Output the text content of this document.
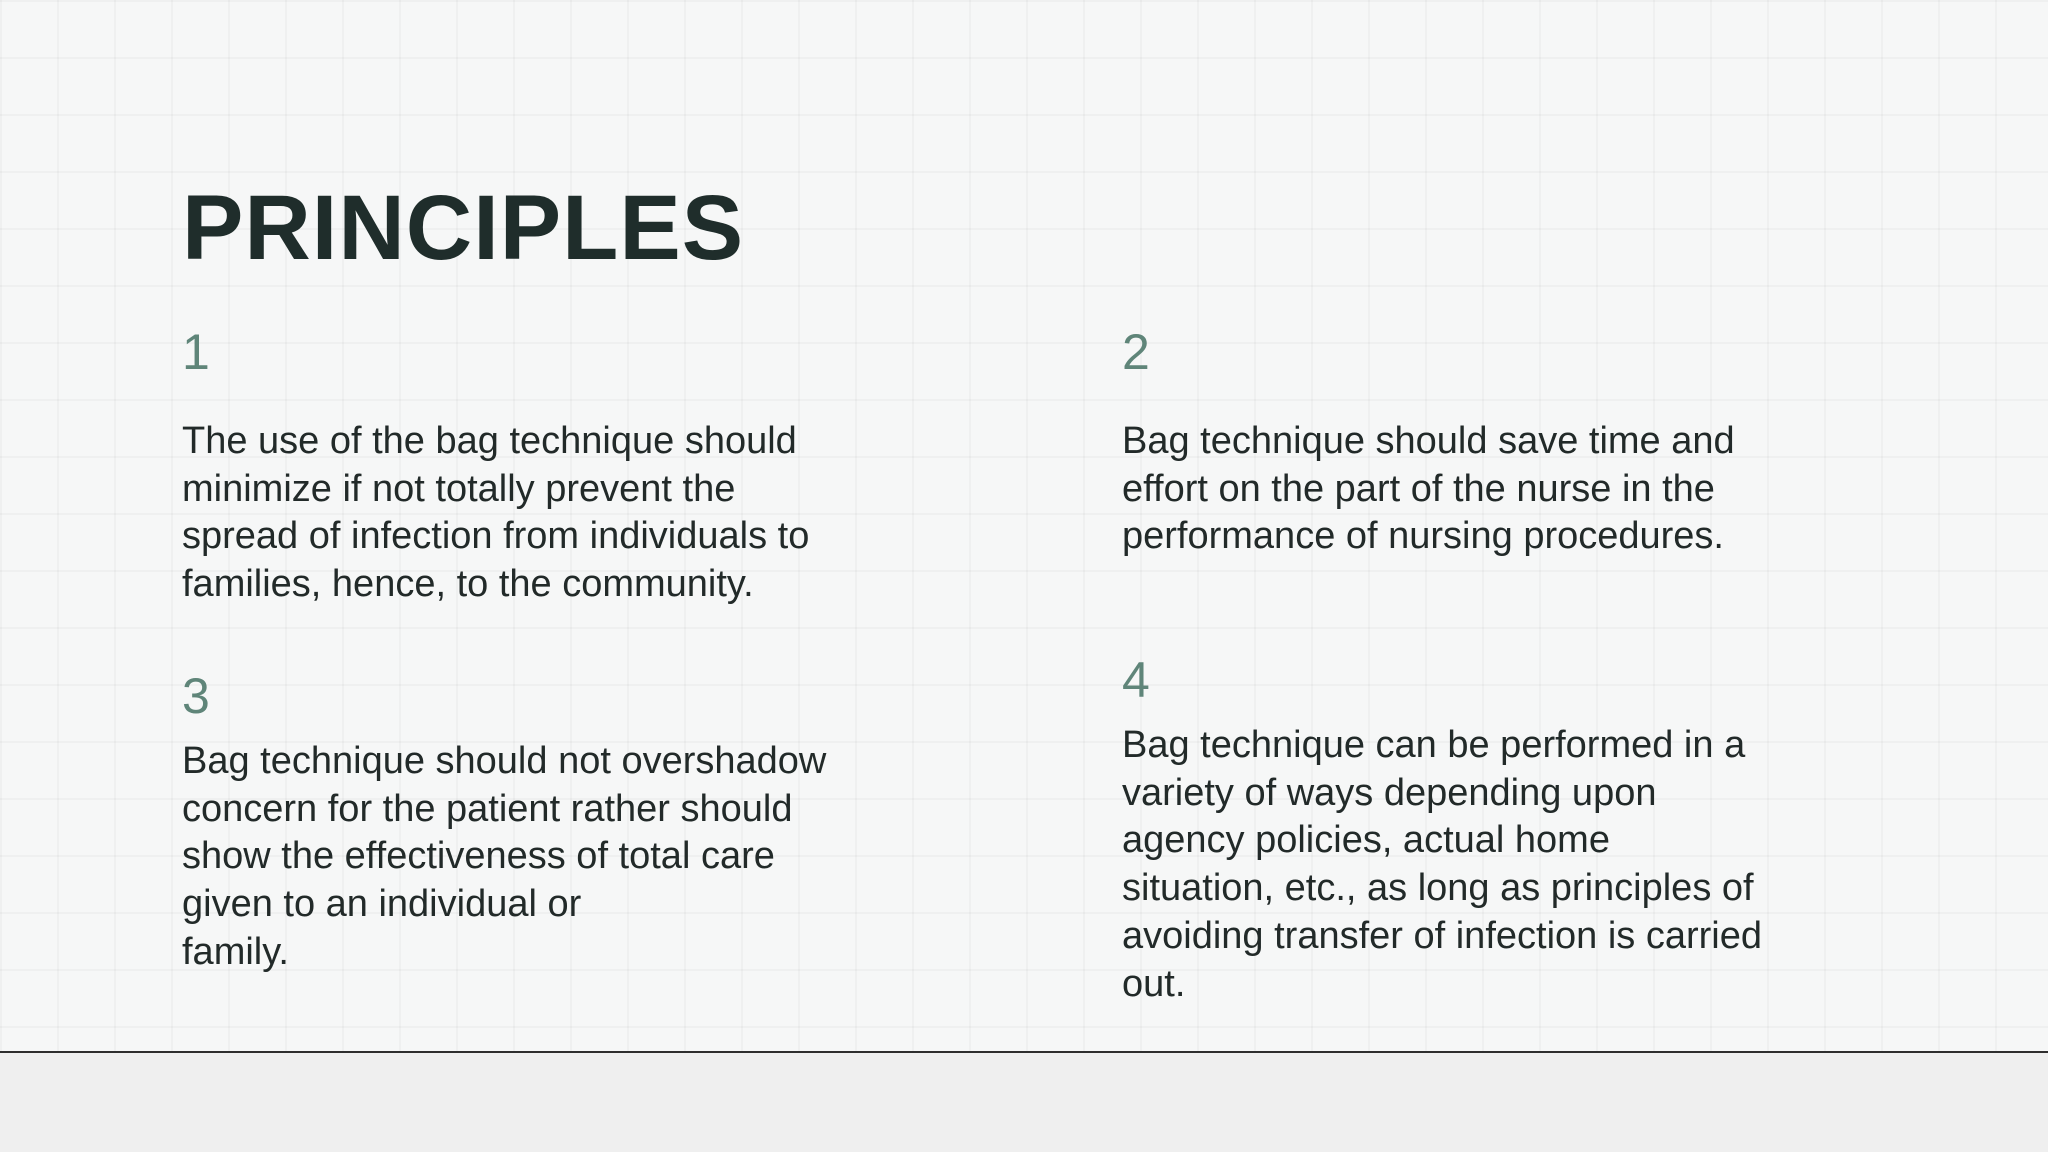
PRINCIPLES
1
The use of the bag technique should
minimize if not totally prevent the
spread of infection from individuals to
families, hence, to the community.
2
Bag technique should save time and
effort on the part of the nurse in the
performance of nursing procedures.
3
Bag technique should not overshadow
concern for the patient rather should
show the effectiveness of total care
given to an individual or
family.
4
Bag technique can be performed in a
variety of ways depending upon
agency policies, actual home
situation, etc., as long as principles of
avoiding transfer of infection is carried
out.
